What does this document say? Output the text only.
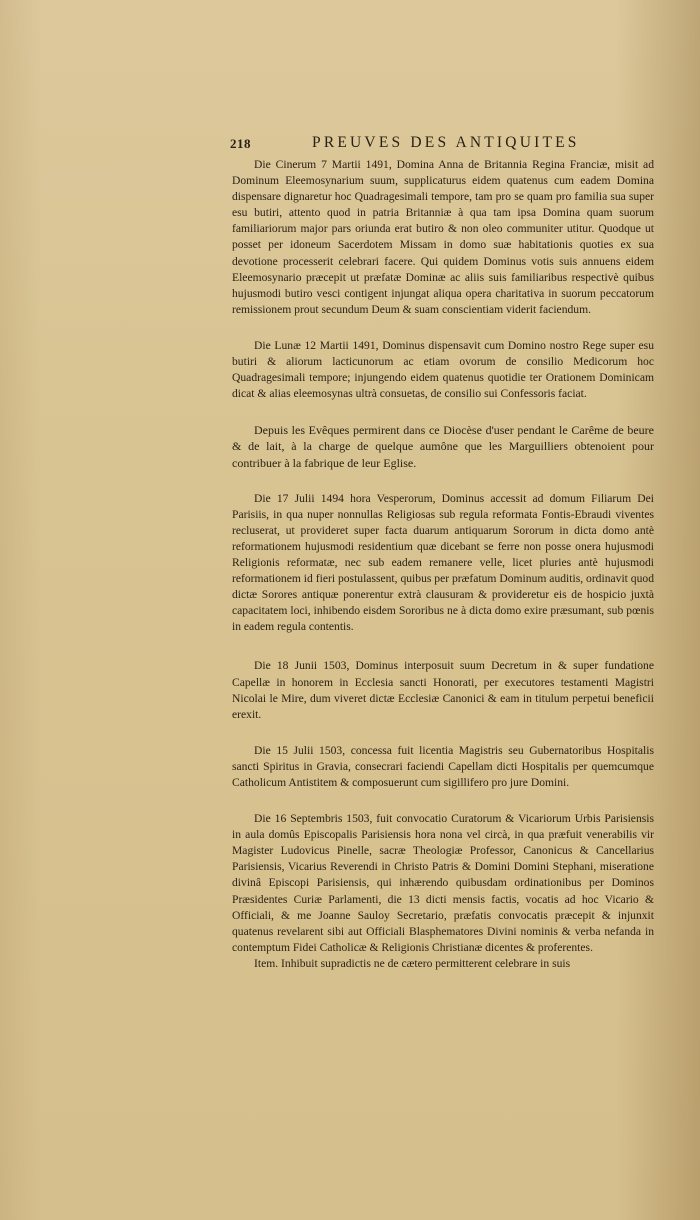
218	PREUVES DES ANTIQUITES

Die Cinerum 7 Martii 1491, Domina Anna de Britannia Regina Franciæ, misit ad Dominum Eleemosynarium suum, supplicaturus eidem quatenus cum eadem Domina dispensare dignaretur hoc Quadragesimali tempore, tam pro se quam pro familia sua super esu butiri, attento quod in patria Britanniæ à qua tam ipsa Domina quam suorum familiariorum major pars oriunda erat butiro & non oleo communiter utitur. Quodque ut posset per idoneum Sacerdotem Missam in domo suæ habitationis quoties ex sua devotione processerit celebrari facere. Qui quidem Dominus votis suis annuens eidem Eleemosynario præcepit ut præfatæ Dominæ ac aliis suis familiaribus respectivè quibus hujusmodi butiro vesci contigent injungat aliqua opera charitativa in suorum peccatorum remissionem prout secundum Deum & suam conscientiam viderit faciendum.

Die Lunæ 12 Martii 1491, Dominus dispensavit cum Domino nostro Rege super esu butiri & aliorum lacticunorum ac etiam ovorum de consilio Medicorum hoc Quadragesimali tempore; injungendo eidem quatenus quotidie ter Orationem Dominicam dicat & alias eleemosynas ultrà consuetas, de consilio sui Confessoris faciat.

Depuis les Evêques permirent dans ce Diocèse d'user pendant le Carême de beure & de lait, à la charge de quelque aumône que les Marguilliers obtenoient pour contribuer à la fabrique de leur Eglise.

Die 17 Julii 1494 hora Vesperorum, Dominus accessit ad domum Filiarum Dei Parisiis, in qua nuper nonnullas Religiosas sub regula reformata Fontis-Ebraudi viventes recluserat, ut provideret super facta duarum antiquarum Sororum in dicta domo antè reformationem hujusmodi residentium quæ dicebant se ferre non posse onera hujusmodi Religionis reformatæ, nec sub eadem remanere velle, licet pluries antè hujusmodi reformationem id fieri postulassent, quibus per præfatum Dominum auditis, ordinavit quod dictæ Sorores antiquæ ponerentur extrà clausuram & provideretur eis de hospicio juxtà capacitatem loci, inhibendo eisdem Sororibus ne à dicta domo exire præsumant, sub pœnis in eadem regula contentis.

Die 18 Junii 1503, Dominus interposuit suum Decretum in & super fundatione Capellæ in honorem in Ecclesia sancti Honorati, per executores testamenti Magistri Nicolai le Mire, dum viveret dictæ Ecclesiæ Canonici & eam in titulum perpetui beneficii erexit.

Die 15 Julii 1503, concessa fuit licentia Magistris seu Gubernatoribus Hospitalis sancti Spiritus in Gravia, consecrari faciendi Capellam dicti Hospitalis per quemcumque Catholicum Antistitem & composuerunt cum sigillifero pro jure Domini.

Die 16 Septembris 1503, fuit convocatio Curatorum & Vicariorum Urbis Parisiensis in aula domûs Episcopalis Parisiensis hora nona vel circà, in qua præfuit venerabilis vir Magister Ludovicus Pinelle, sacræ Theologiæ Professor, Canonicus & Cancellarius Parisiensis, Vicarius Reverendi in Christo Patris & Domini Domini Stephani, miseratione divinâ Episcopi Parisiensis, qui inhærendo quibusdam ordinationibus per Dominos Præsidentes Curiæ Parlamenti, die 13 dicti mensis factis, vocatis ad hoc Vicario & Officiali, & me Joanne Sauloy Secretario, præfatis convocatis præcepit & injunxit quatenus revelarent sibi aut Officiali Blasphematores Divini nominis & verba nefanda in contemptum Fidei Catholicæ & Religionis Christianæ dicentes & proferentes.

Item. Inhibuit supradictis ne de cætero permitterent celebrare in suis
